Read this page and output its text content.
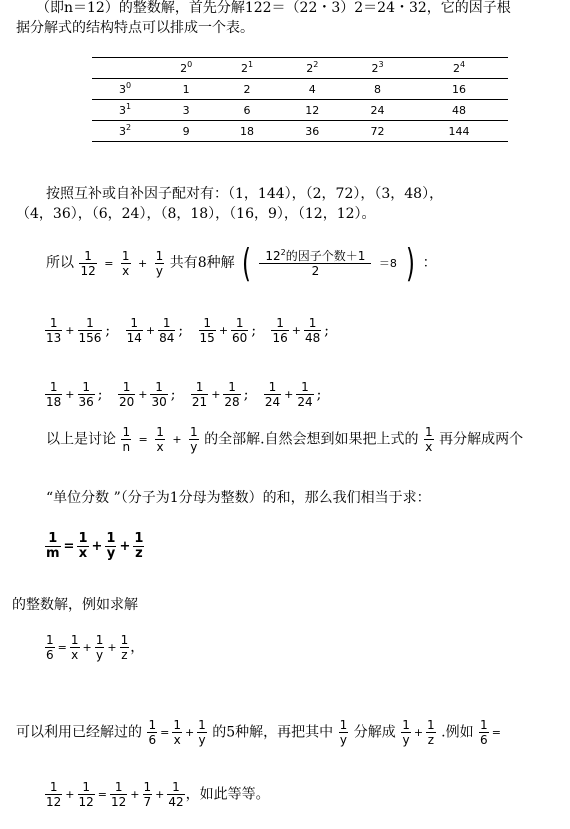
（即n＝12）的整数解，首先分解122＝（22・3）2＝24・32，它的因子根
据分解式的结构特点可以排成一个表。
	$2^0$	$2^1$	$2^2$	$2^3$	$2^4$
$3^0$	1	2	4	8	16
$3^1$	3	6	12	24	48
$3^2$	9	18	36	72	144
按照互补或自补因子配对有：（1，144），（2，72），（3，48），
（4，36），（6，24），（8，18），（16，9），（12，12）。
所以 $\frac{1}{12} = \frac{1}{x} + \frac{1}{y}$ 共有8种解 ( $\frac{12^2的因子个数+1}{2} =8$ ) ：
$\frac{1}{13} + \frac{1}{156}$ ; $\frac{1}{14} + \frac{1}{84}$ ; $\frac{1}{15} + \frac{1}{60}$ ; $\frac{1}{16} + \frac{1}{48}$ ;
$\frac{1}{18} + \frac{1}{36}$ ; $\frac{1}{20} + \frac{1}{30}$ ; $\frac{1}{21} + \frac{1}{28}$ ; $\frac{1}{24} + \frac{1}{24}$ ;
以上是讨论 $\frac{1}{n} = \frac{1}{x} + \frac{1}{y}$ 的全部解.自然会想到如果把上式的 $\frac{1}{x}$ 再分解成两个
“单位分数 ”（分子为1分母为整数）的和，那么我们相当于求：
$\frac{1}{m} = \frac{1}{x} + \frac{1}{y} + \frac{1}{z}$
的整数解，例如求解
$\frac{1}{6} = \frac{1}{x} + \frac{1}{y} + \frac{1}{z}$ ，
可以利用已经解过的 $\frac{1}{6} = \frac{1}{x} + \frac{1}{y}$ 的5种解，再把其中 $\frac{1}{y}$ 分解成 $\frac{1}{y} + \frac{1}{z}$ .例如 $\frac{1}{6}$ =
$\frac{1}{12} + \frac{1}{12} = \frac{1}{12} + \frac{1}{7} + \frac{1}{42}$ ，如此等等。
